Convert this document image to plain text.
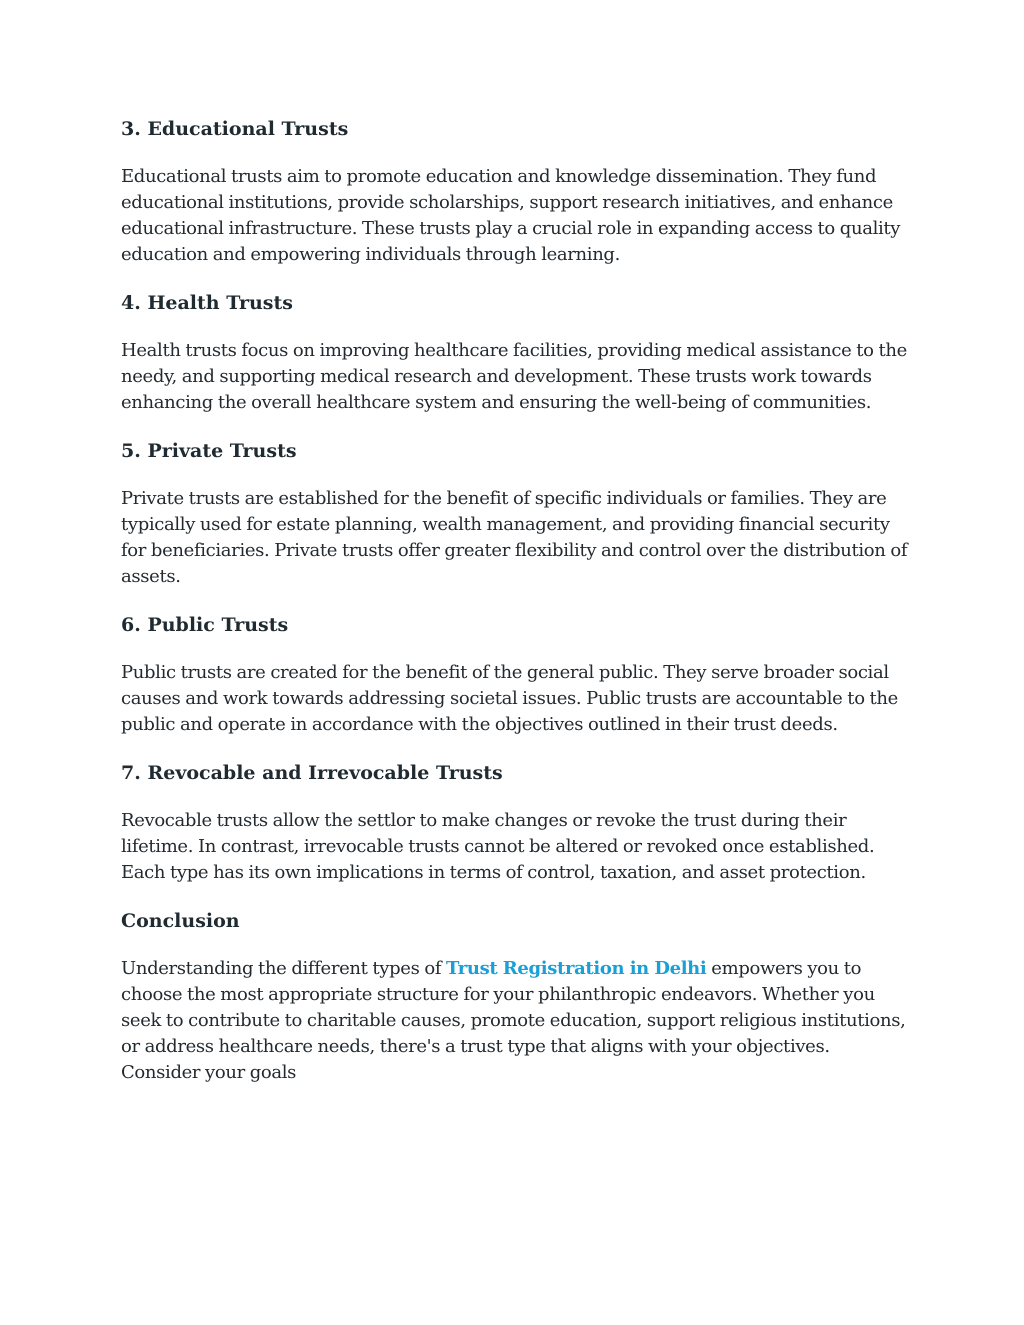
3. Educational Trusts

Educational trusts aim to promote education and knowledge dissemination. They fund educational institutions, provide scholarships, support research initiatives, and enhance educational infrastructure. These trusts play a crucial role in expanding access to quality education and empowering individuals through learning.

4. Health Trusts

Health trusts focus on improving healthcare facilities, providing medical assistance to the needy, and supporting medical research and development. These trusts work towards enhancing the overall healthcare system and ensuring the well-being of communities.

5. Private Trusts

Private trusts are established for the benefit of specific individuals or families. They are typically used for estate planning, wealth management, and providing financial security for beneficiaries. Private trusts offer greater flexibility and control over the distribution of assets.

6. Public Trusts

Public trusts are created for the benefit of the general public. They serve broader social causes and work towards addressing societal issues. Public trusts are accountable to the public and operate in accordance with the objectives outlined in their trust deeds.

7. Revocable and Irrevocable Trusts

Revocable trusts allow the settlor to make changes or revoke the trust during their lifetime. In contrast, irrevocable trusts cannot be altered or revoked once established. Each type has its own implications in terms of control, taxation, and asset protection.

Conclusion

Understanding the different types of Trust Registration in Delhi empowers you to choose the most appropriate structure for your philanthropic endeavors. Whether you seek to contribute to charitable causes, promote education, support religious institutions, or address healthcare needs, there's a trust type that aligns with your objectives. Consider your goals
